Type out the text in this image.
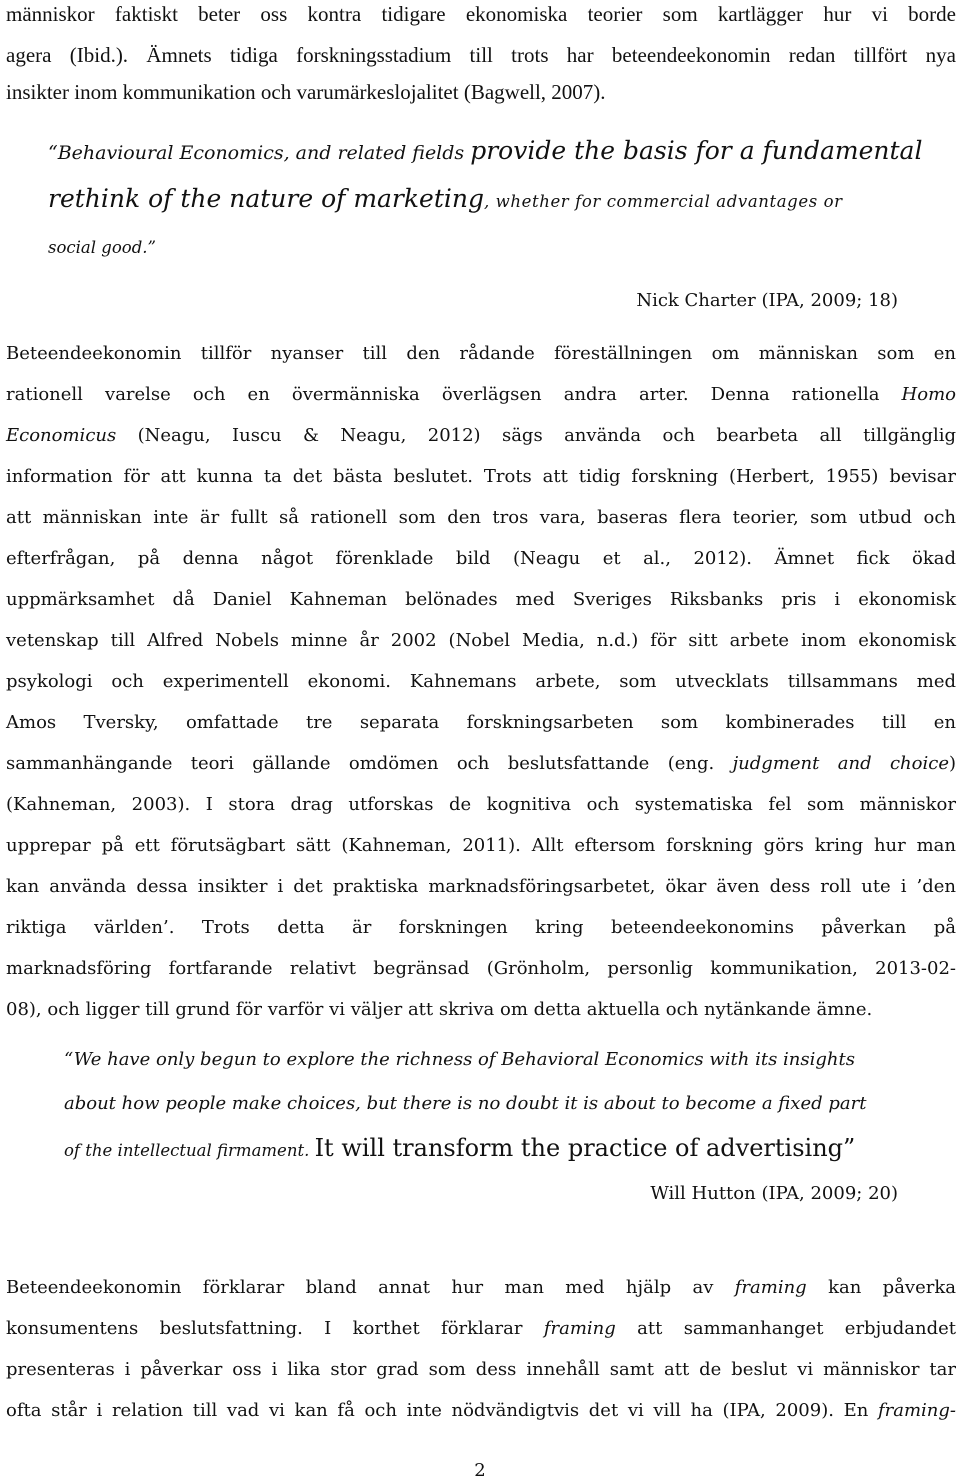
människor faktiskt beter oss kontra tidigare ekonomiska teorier som kartlägger hur vi borde
agera (Ibid.). Ämnets tidiga forskningsstadium till trots har beteendeekonomin redan tillfört nya
insikter inom kommunikation och varumärkeslojalitet (Bagwell, 2007).
“Behavioural Economics, and related fields provide the basis for a fundamental
rethink of the nature of marketing, whether for commercial advantages or
social good.”
Nick Charter (IPA, 2009; 18)
Beteendeekonomin tillför nyanser till den rådande föreställningen om människan som en
rationell varelse och en övermänniska överlägsen andra arter. Denna rationella Homo
Economicus (Neagu, Iuscu & Neagu, 2012) sägs använda och bearbeta all tillgänglig
information för att kunna ta det bästa beslutet. Trots att tidig forskning (Herbert, 1955) bevisar
att människan inte är fullt så rationell som den tros vara, baseras flera teorier, som utbud och
efterfrågan, på denna något förenklade bild (Neagu et al., 2012). Ämnet fick ökad
uppmärksamhet då Daniel Kahneman belönades med Sveriges Riksbanks pris i ekonomisk
vetenskap till Alfred Nobels minne år 2002 (Nobel Media, n.d.) för sitt arbete inom ekonomisk
psykologi och experimentell ekonomi. Kahnemans arbete, som utvecklats tillsammans med
Amos Tversky, omfattade tre separata forskningsarbeten som kombinerades till en
sammanhängande teori gällande omdömen och beslutsfattande (eng. judgment and choice)
(Kahneman, 2003). I stora drag utforskas de kognitiva och systematiska fel som människor
upprepar på ett förutsägbart sätt (Kahneman, 2011). Allt eftersom forskning görs kring hur man
kan använda dessa insikter i det praktiska marknadsföringsarbetet, ökar även dess roll ute i ’den
riktiga världen’. Trots detta är forskningen kring beteendeekonomins påverkan på
marknadsföring fortfarande relativt begränsad (Grönholm, personlig kommunikation, 2013-02-
08), och ligger till grund för varför vi väljer att skriva om detta aktuella och nytänkande ämne.
“We have only begun to explore the richness of Behavioral Economics with its insights
about how people make choices, but there is no doubt it is about to become a fixed part
of the intellectual firmament. It will transform the practice of advertising”
Will Hutton (IPA, 2009; 20)
Beteendeekonomin förklarar bland annat hur man med hjälp av framing kan påverka
konsumentens beslutsfattning. I korthet förklarar framing att sammanhanget erbjudandet
presenteras i påverkar oss i lika stor grad som dess innehåll samt att de beslut vi människor tar
ofta står i relation till vad vi kan få och inte nödvändigtvis det vi vill ha (IPA, 2009). En framing-
2
